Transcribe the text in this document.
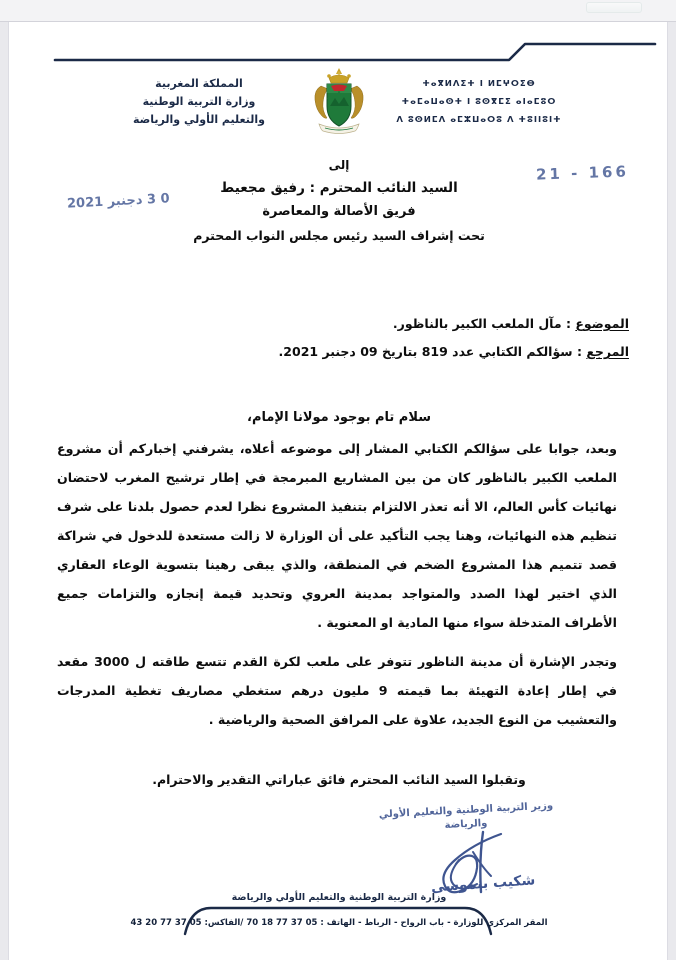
المملكة المغربية
وزارة التربية الوطنية
والتعليم الأولي والرياضة
ⵜⴰⴳⵍⴷⵉⵜ ⵏ ⵍⵎⵖⵔⵉⴱ
ⵜⴰⵎⴰⵡⴰⵙⵜ ⵏ ⵓⵙⴳⵎⵉ ⴰⵏⴰⵎⵓⵔ
ⴷ ⵓⵙⵍⵎⴷ ⴰⵎⵣⵡⴰⵔⵓ ⴷ ⵜⵓⵏⵏⵓⵏⵜ
166 - 21
0 3 دجنبر 2021
إلى
السيد النائب المحترم : رفيق مجعيط
فريق الأصالة والمعاصرة
تحت إشراف السيد رئيس مجلس النواب المحترم
الموضوع : مآل الملعب الكبير بالناظور.
المرجع : سؤالكم الكتابي عدد 819 بتاريخ 09 دجنبر 2021.
سلام تام بوجود مولانا الإمام،

وبعد، جوابا على سؤالكم الكتابي المشار إلى موضوعه أعلاه، يشرفني إخباركم أن مشروع الملعب الكبير بالناظور كان من بين المشاريع المبرمجة في إطار ترشيح المغرب لاحتضان نهائيات كأس العالم، الا أنه تعذر الالتزام بتنفيذ المشروع نظرا لعدم حصول بلدنا على شرف تنظيم هذه النهائيات، وهنا يجب التأكيد على أن الوزارة لا زالت مستعدة للدخول في شراكة قصد تتميم هذا المشروع الضخم في المنطقة، والذي يبقى رهينا بتسوية الوعاء العقاري الذي اختير لهذا الصدد والمتواجد بمدينة العروي وتحديد قيمة إنجازه والتزامات جميع الأطراف المتدخلة سواء منها المادية او المعنوية .

وتجدر الإشارة أن مدينة الناظور تتوفر على ملعب لكرة القدم تتسع طاقته ل 3000 مقعد في إطار إعادة التهيئة بما قيمته 9 مليون درهم ستغطي مصاريف تغطية المدرجات والتعشيب من النوع الجديد، علاوة على المرافق الصحية والرياضية .

وتقبلوا السيد النائب المحترم فائق عباراتي التقدير والاحترام.
وزير التربية الوطنية والتعليم الأولي
والرياضة
شكيب بنموسى
وزارة التربية الوطنية والتعليم الأولي والرياضة
المقر المركزي للوزارة - باب الرواح - الرباط - الهاتف : 05 37 77 18 70 /الفاكس: 05 37 77 20 43
